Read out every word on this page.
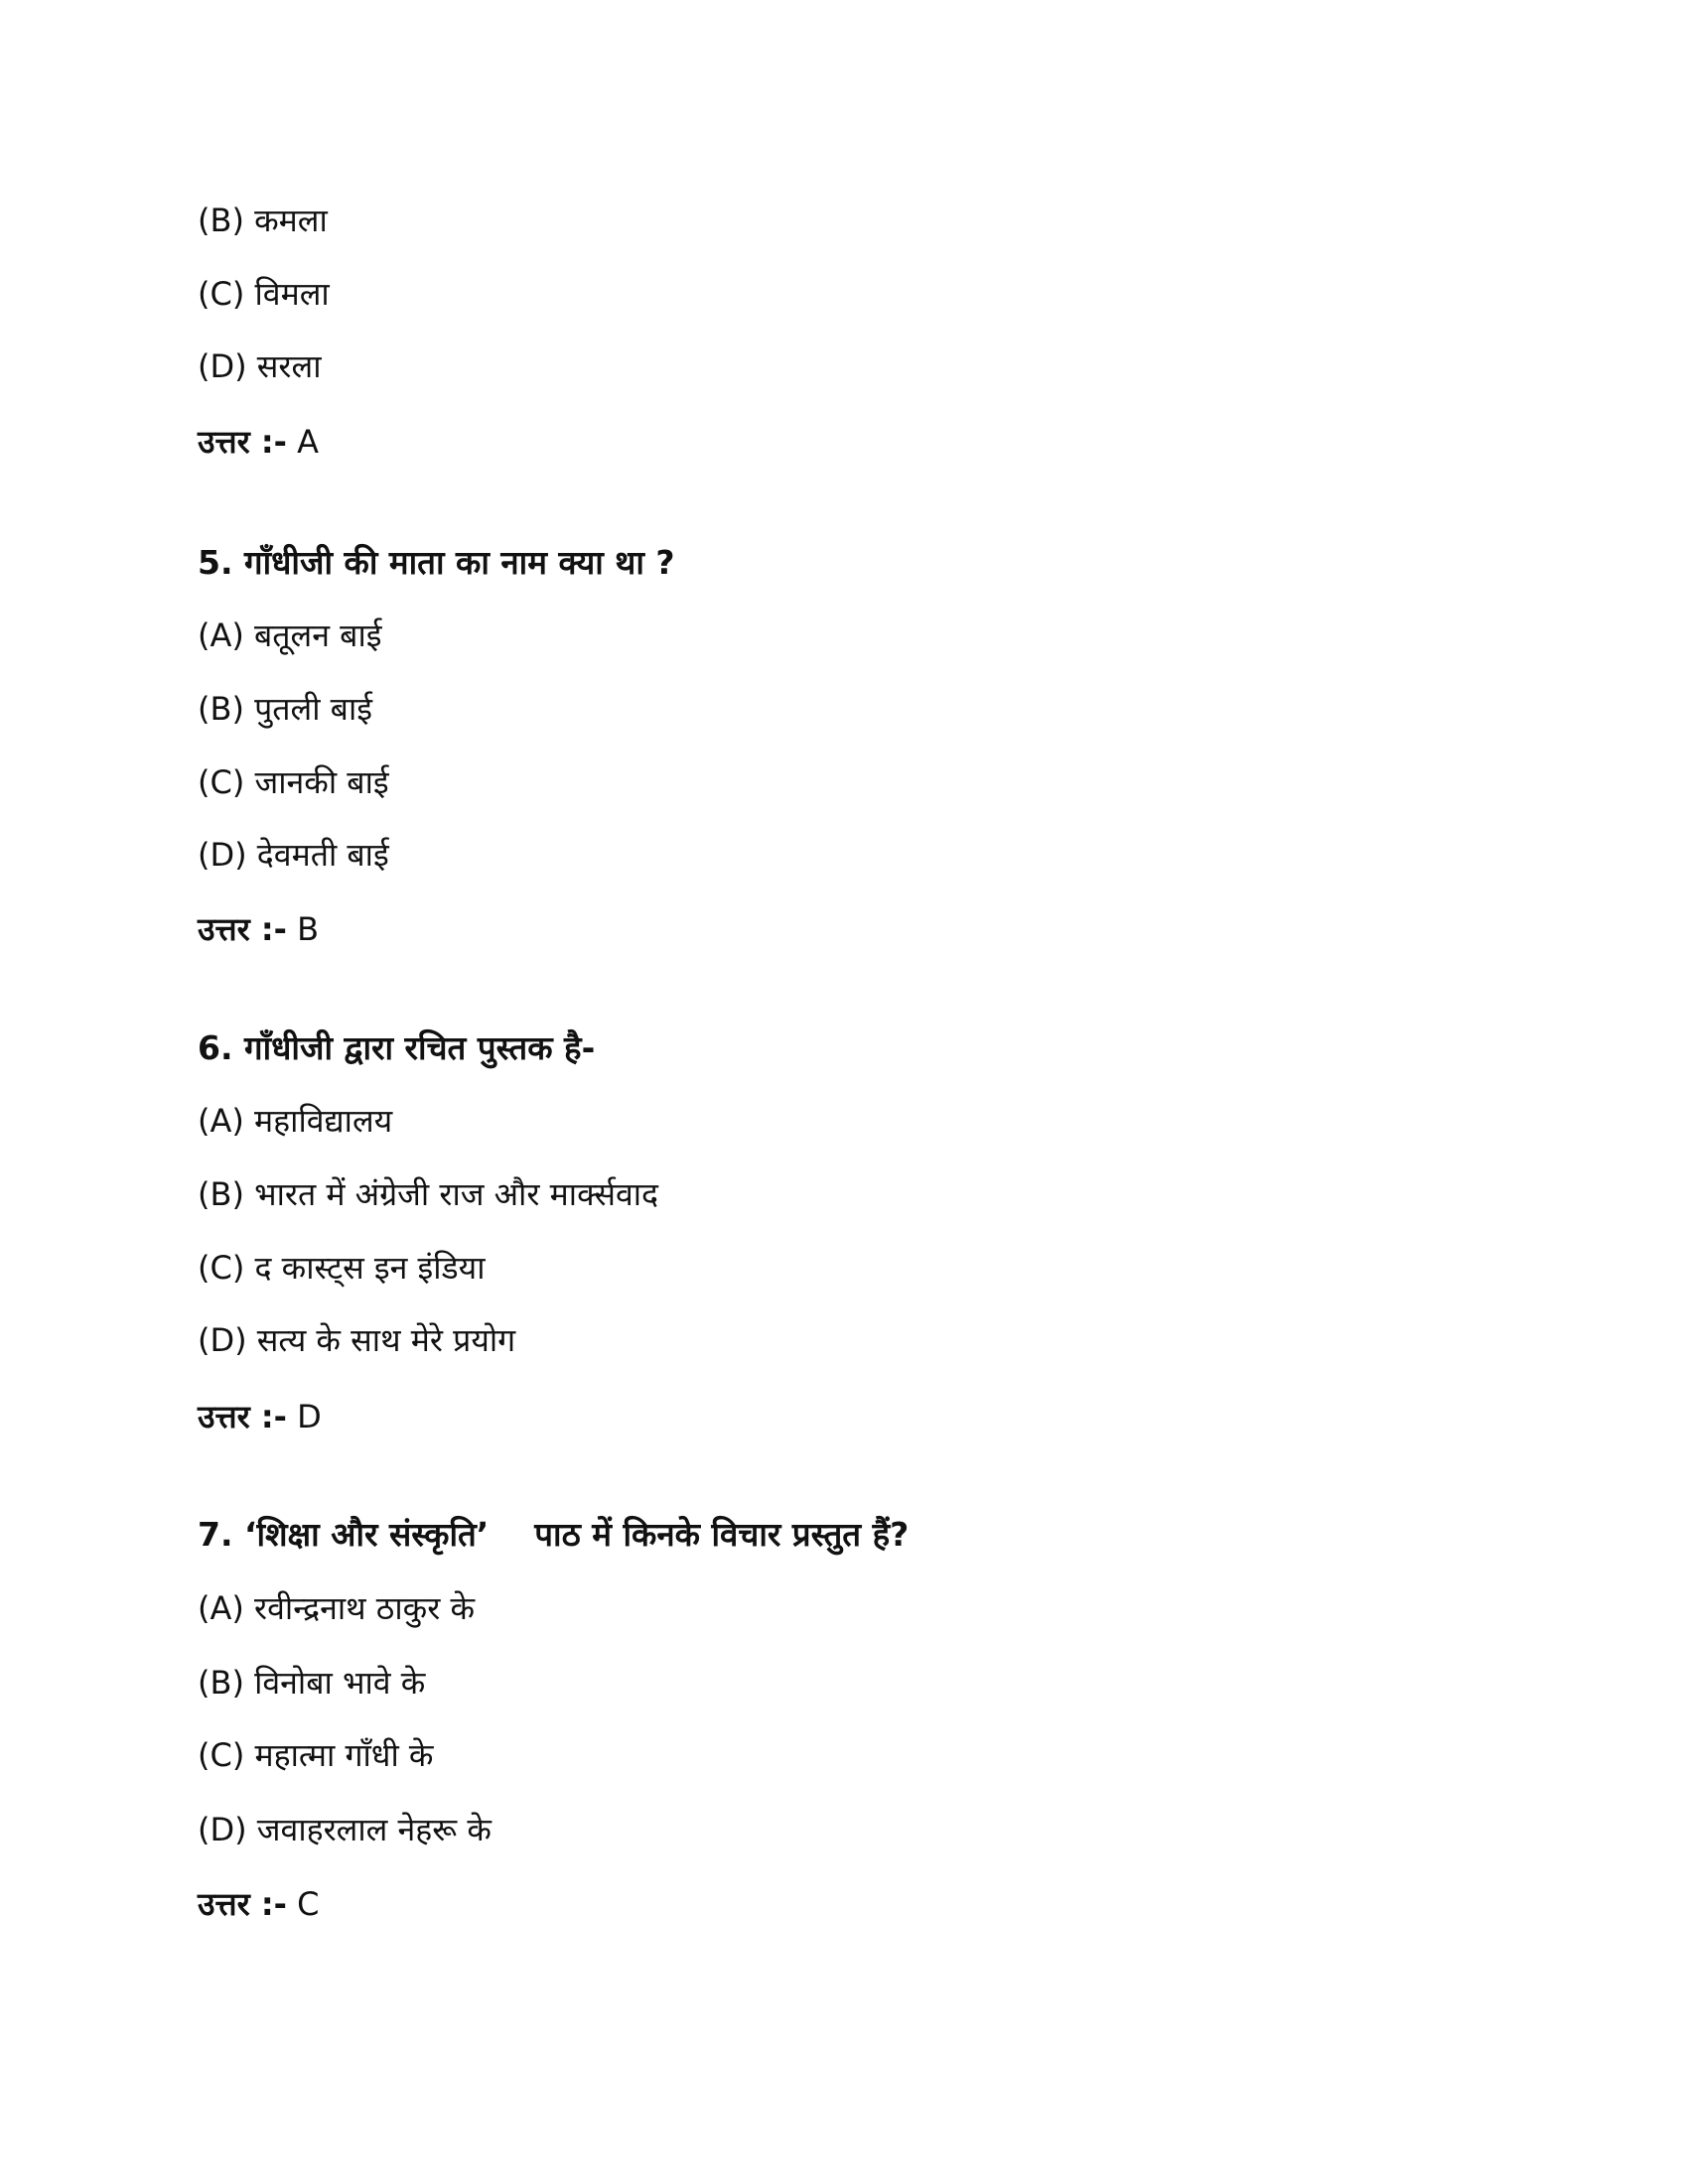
(B) कमला
(C) विमला
(D) सरला
उत्तर :- A
5. गाँधीजी की माता का नाम क्या था ?
(A) बतूलन बाई
(B) पुतली बाई
(C) जानकी बाई
(D) देवमती बाई
उत्तर :- B
6. गाँधीजी द्वारा रचित पुस्तक है-
(A) महाविद्यालय
(B) भारत में अंग्रेजी राज और मार्क्सवाद
(C) द कास्ट्स इन इंडिया
(D) सत्य के साथ मेरे प्रयोग
उत्तर :- D
7. ‘शिक्षा और संस्कृति’    पाठ में किनके विचार प्रस्तुत हैं?
(A) रवीन्द्रनाथ ठाकुर के
(B) विनोबा भावे के
(C) महात्मा गाँधी के
(D) जवाहरलाल नेहरू के
उत्तर :- C
